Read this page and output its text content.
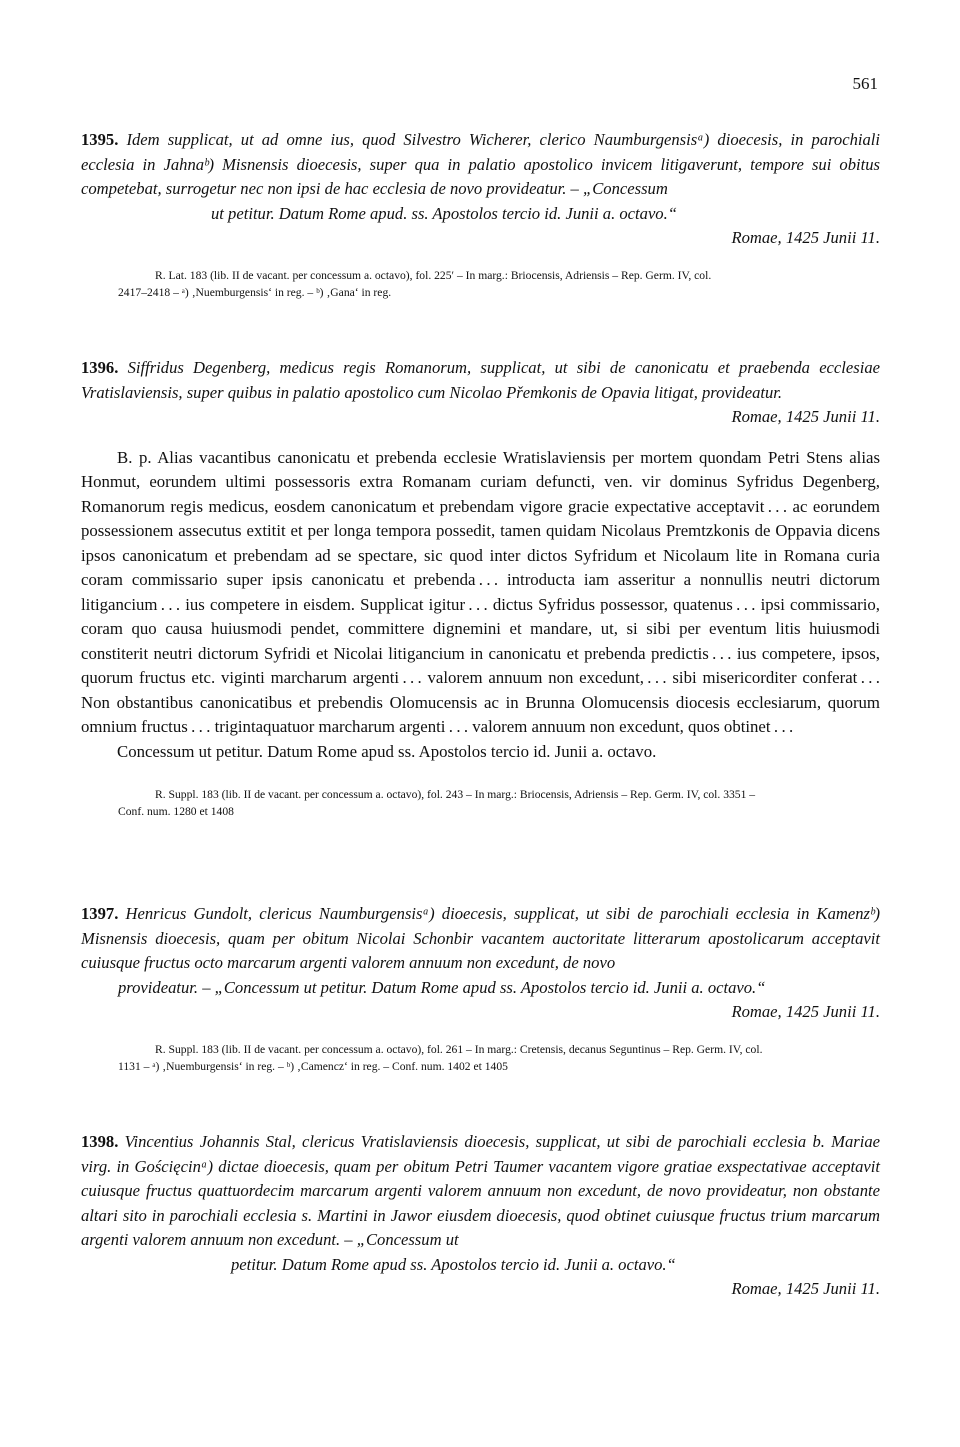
561
1395. Idem supplicat, ut ad omne ius, quod Silvestro Wicherer, clerico Naumburgensisᵃ) dioecesis, in parochiali ecclesia in Jahnaᵇ) Misnensis dioecesis, super qua in palatio apostolico invicem litigaverunt, tempore sui obitus competebat, surrogetur nec non ipsi de hac ecclesia de novo provideatur. – „Concessum
ut petitur. Datum Rome apud. ss. Apostolos tercio id. Junii a. octavo.“
Romae, 1425 Junii 11.
R. Lat. 183 (lib. II de vacant. per concessum a. octavo), fol. 225′ – In marg.: Briocensis, Adriensis – Rep. Germ. IV, col.
2417–2418 – ᵃ) ‚Nuemburgensis‘ in reg. – ᵇ) ‚Gana‘ in reg.
1396. Siffridus Degenberg, medicus regis Romanorum, supplicat, ut sibi de canonicatu et praebenda ecclesiae Vratislaviensis, super quibus in palatio apostolico cum Nicolao Přemkonis de Opavia litigat, provideatur.
Romae, 1425 Junii 11.

B. p. Alias vacantibus canonicatu et prebenda ecclesie Wratislaviensis per mortem quondam Petri Stens alias Honmut, eorundem ultimi possessoris extra Romanam curiam defuncti, ven. vir dominus Syfridus Degenberg, Romanorum regis medicus, eosdem canonicatum et prebendam vigore gracie expectative acceptavit . . . ac eorundem possessionem assecutus extitit et per longa tempora possedit, tamen quidam Nicolaus Premtzkonis de Oppavia dicens ipsos canonicatum et prebendam ad se spectare, sic quod inter dictos Syfridum et Nicolaum lite in Romana curia coram commissario super ipsis canonicatu et prebenda . . . introducta iam asseritur a nonnullis neutri dictorum litigancium . . . ius competere in eisdem. Supplicat igitur . . . dictus Syfridus possessor, quatenus . . . ipsi commissario, coram quo causa huiusmodi pendet, committere dignemini et mandare, ut, si sibi per eventum litis huiusmodi constiterit neutri dictorum Syfridi et Nicolai litigancium in canonicatu et prebenda predictis . . . ius competere, ipsos, quorum fructus etc. viginti marcharum argenti . . . valorem annuum non excedunt, . . . sibi misericorditer conferat . . . Non obstantibus canonicatibus et prebendis Olomucensis ac in Brunna Olomucensis diocesis ecclesiarum, quorum omnium fructus . . . trigintaquatuor marcharum argenti . . . valorem annuum non excedunt, quos obtinet . . .

Concessum ut petitur. Datum Rome apud ss. Apostolos tercio id. Junii a. octavo.

R. Suppl. 183 (lib. II de vacant. per concessum a. octavo), fol. 243 – In marg.: Briocensis, Adriensis – Rep. Germ. IV, col. 3351 –
Conf. num. 1280 et 1408
1397. Henricus Gundolt, clericus Naumburgensisᵃ) dioecesis, supplicat, ut sibi de parochiali ecclesia in Kamenzᵇ) Misnensis dioecesis, quam per obitum Nicolai Schonbir vacantem auctoritate litterarum apostolicarum acceptavit cuiusque fructus octo marcarum argenti valorem annuum non excedunt, de novo
provideatur. – „Concessum ut petitur. Datum Rome apud ss. Apostolos tercio id. Junii a. octavo.“
Romae, 1425 Junii 11.
R. Suppl. 183 (lib. II de vacant. per concessum a. octavo), fol. 261 – In marg.: Cretensis, decanus Seguntinus – Rep. Germ. IV, col.
1131 – ᵃ) ‚Nuemburgensis‘ in reg. – ᵇ) ‚Camencz‘ in reg. – Conf. num. 1402 et 1405
1398. Vincentius Johannis Stal, clericus Vratislaviensis dioecesis, supplicat, ut sibi de parochiali ecclesia b. Mariae virg. in Gościęcinᵃ) dictae dioecesis, quam per obitum Petri Taumer vacantem vigore gratiae exspectativae acceptavit cuiusque fructus quattuordecim marcarum argenti valorem annuum non excedunt, de novo provideatur, non obstante altari sito in parochiali ecclesia s. Martini in Jawor eiusdem dioecesis, quod obtinet cuiusque fructus trium marcarum argenti valorem annuum non excedunt. – „Concessum ut
petitur. Datum Rome apud ss. Apostolos tercio id. Junii a. octavo.“
Romae, 1425 Junii 11.
